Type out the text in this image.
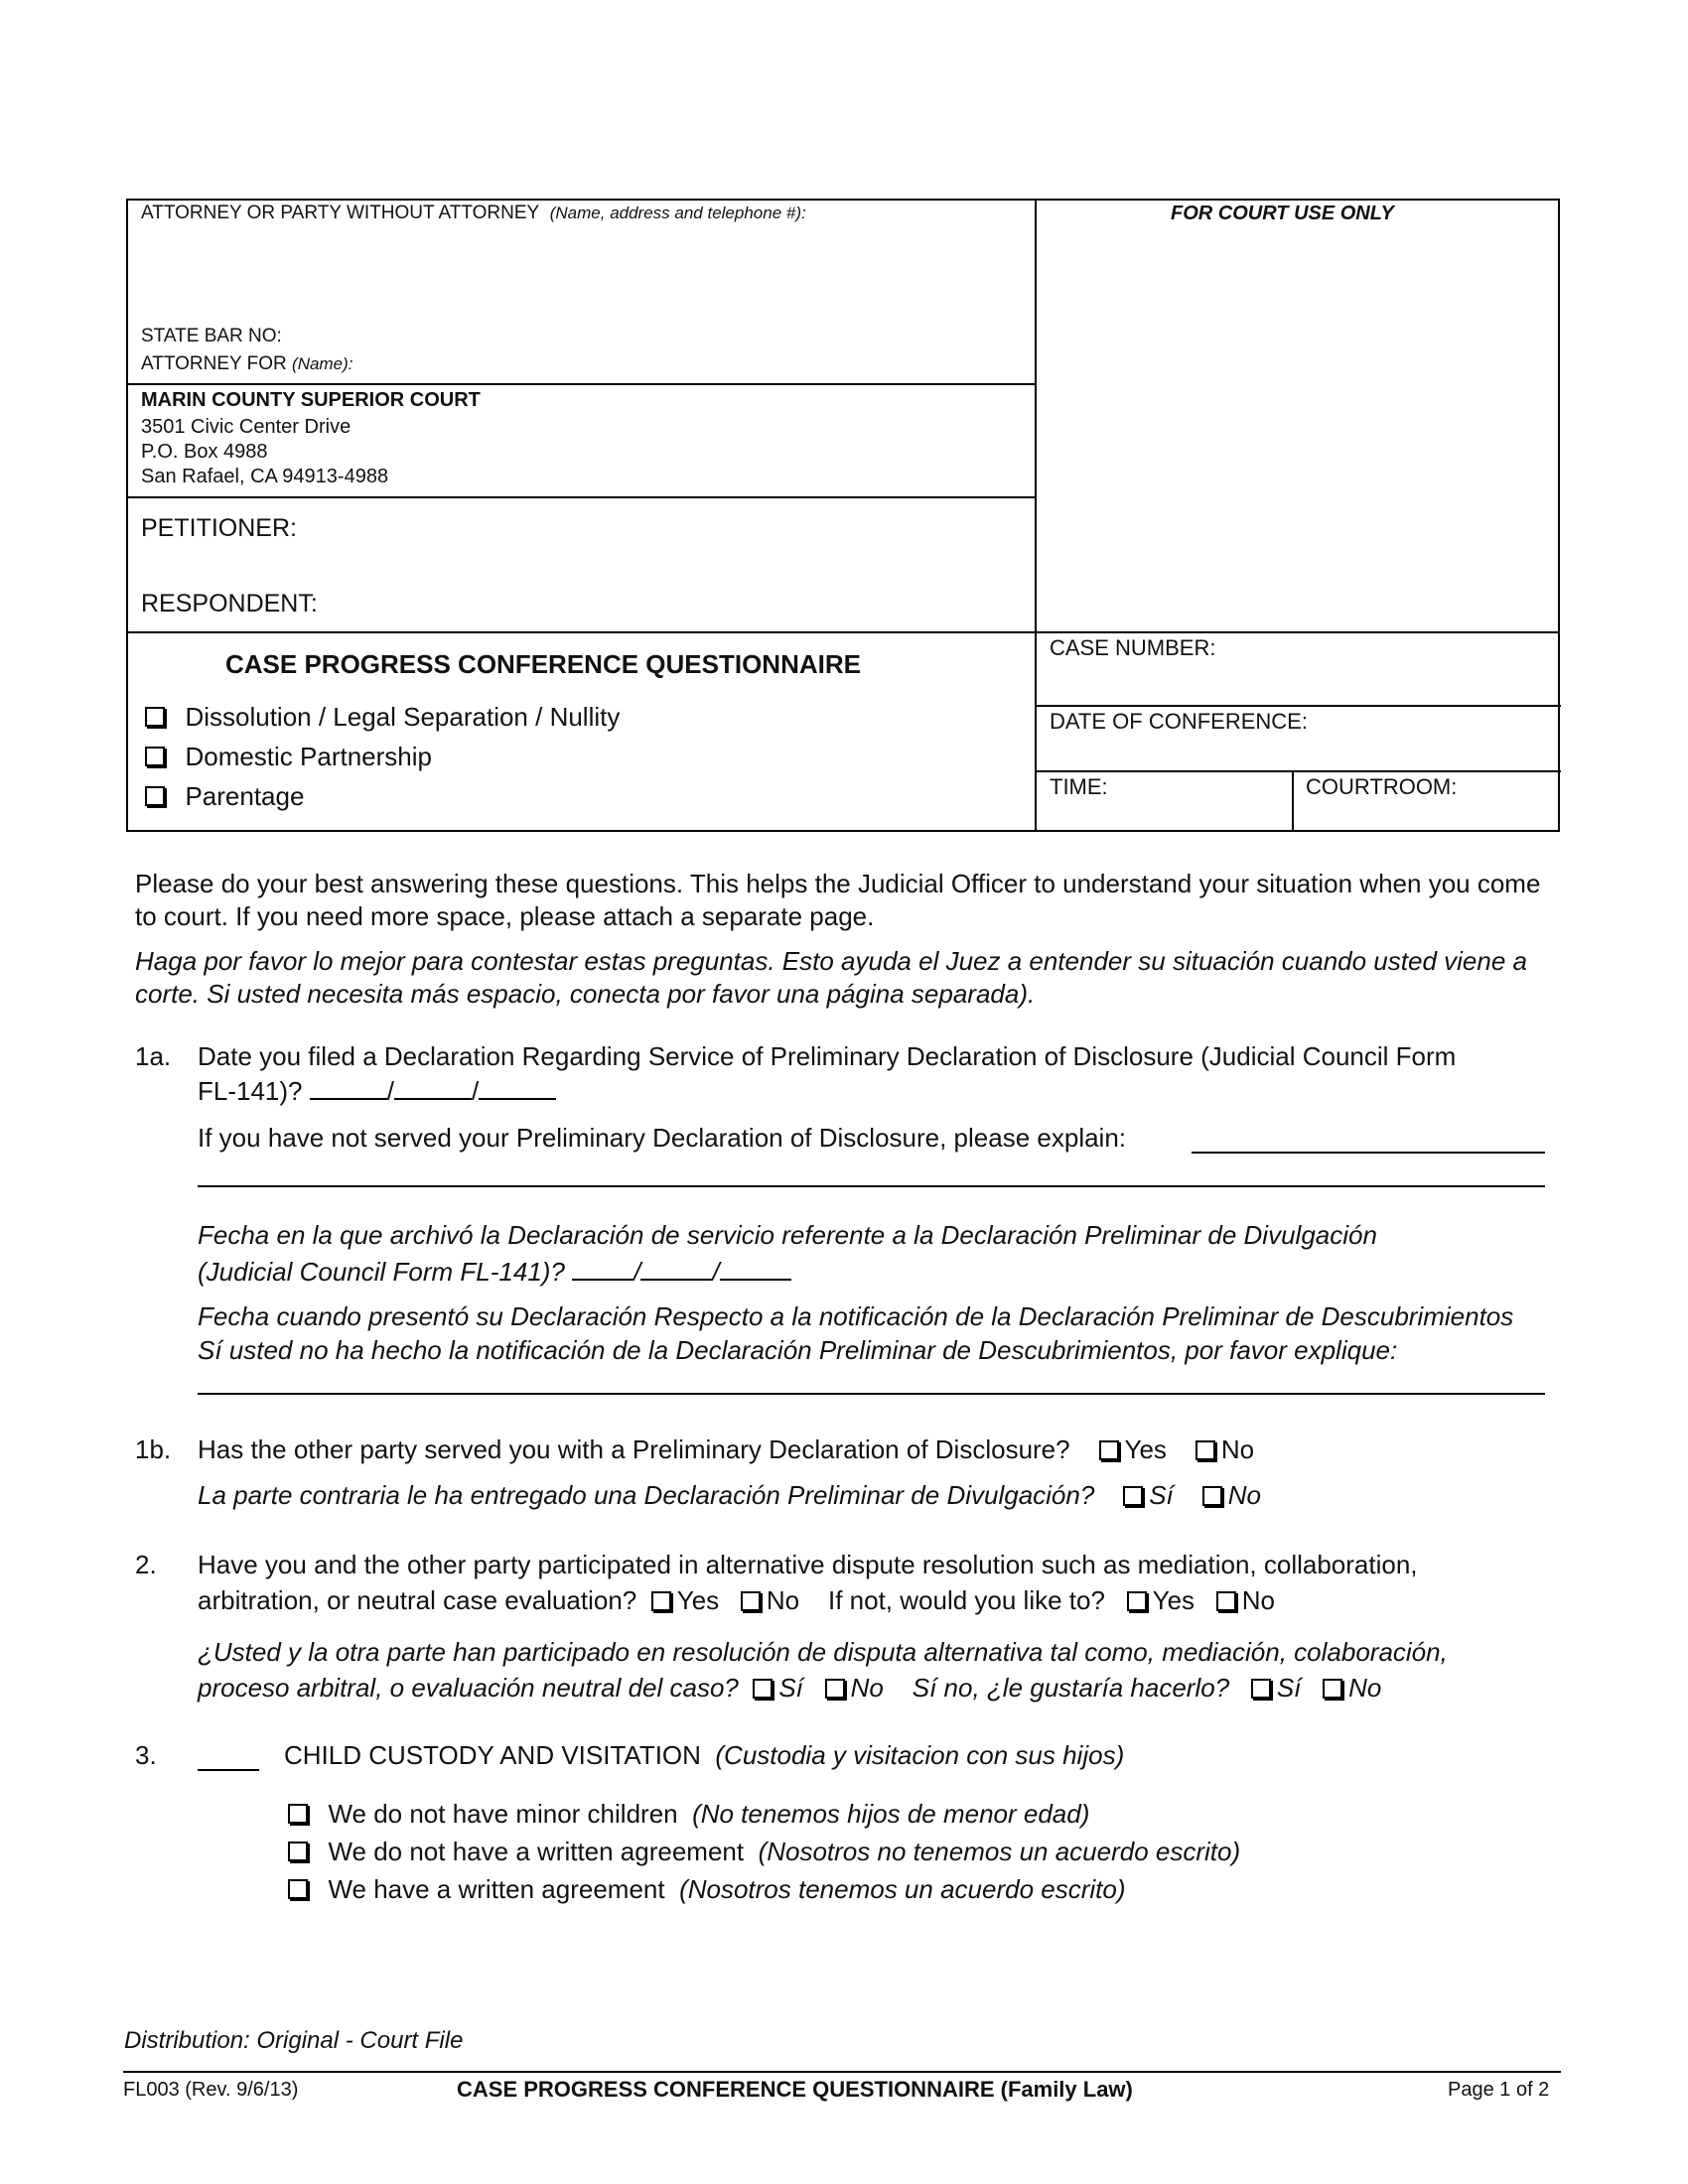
ATTORNEY OR PARTY WITHOUT ATTORNEY (Name, address and telephone #):
STATE BAR NO:
ATTORNEY FOR (Name):
MARIN COUNTY SUPERIOR COURT
3501 Civic Center Drive
P.O. Box 4988
San Rafael, CA 94913-4988
PETITIONER:
RESPONDENT:
CASE PROGRESS CONFERENCE QUESTIONNAIRE

Dissolution / Legal Separation / Nullity

Domestic Partnership

Parentage
FOR COURT USE ONLY
CASE NUMBER:
DATE OF CONFERENCE:
TIME:	COURTROOM:
Please do your best answering these questions. This helps the Judicial Officer to understand your situation when you come to court. If you need more space, please attach a separate page.
Haga por favor lo mejor para contestar estas preguntas. Esto ayuda el Juez a entender su situación cuando usted viene a corte. Si usted necesita más espacio, conecta por favor una página separada).
1a. Date you filed a Declaration Regarding Service of Preliminary Declaration of Disclosure (Judicial Council Form
FL-141)?	/	/
If you have not served your Preliminary Declaration of Disclosure, please explain:
Fecha en la que archivó la Declaración de servicio referente a la Declaración Preliminar de Divulgación
(Judicial Council Form FL-141)?	/	/
Fecha cuando presentó su Declaración Respecto a la notificación de la Declaración Preliminar de Descubrimientos
Sí usted no ha hecho la notificación de la Declaración Preliminar de Descubrimientos, por favor explique:
1b. Has the other party served you with a Preliminary Declaration of Disclosure? Yes No
La parte contraria le ha entregado una Declaración Preliminar de Divulgación? Sí No
2. Have you and the other party participated in alternative dispute resolution such as mediation, collaboration,
arbitration, or neutral case evaluation? Yes No If not, would you like to? Yes No
¿Usted y la otra parte han participado en resolución de disputa alternativa tal como, mediación, colaboración,
proceso arbitral, o evaluación neutral del caso? Sí No Sí no, ¿le gustaría hacerlo? Sí No
3.	CHILD CUSTODY AND VISITATION (Custodia y visitacion con sus hijos)

We do not have minor children
(No tenemos hijos de menor edad)

We do not have a written agreement
(Nosotros no tenemos un acuerdo escrito)

We have a written agreement
(Nosotros tenemos un acuerdo escrito)
Distribution: Original - Court File
FL003 (Rev. 9/6/13)	CASE PROGRESS CONFERENCE QUESTIONNAIRE (Family Law)	Page 1 of 2
